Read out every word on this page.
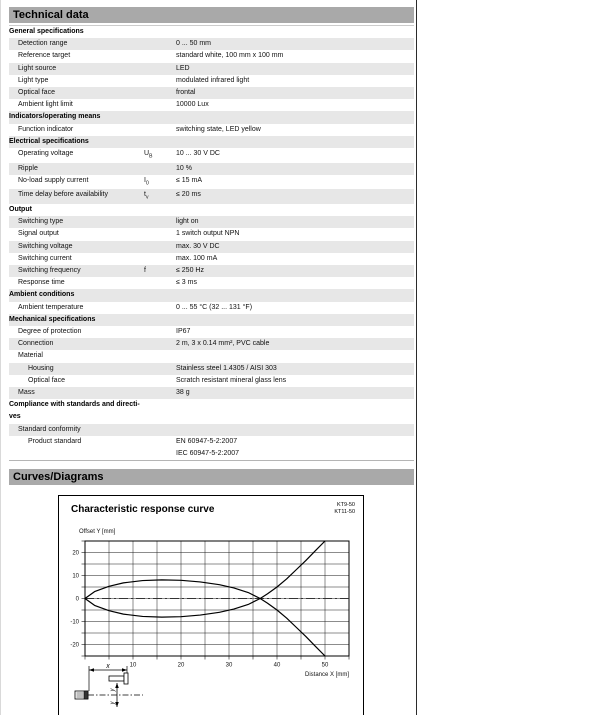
Technical data
General specifications
Detection range	0 ... 50 mm
Reference target	standard white, 100 mm x 100 mm
Light source	LED
Light type	modulated infrared light
Optical face	frontal
Ambient light limit	10000 Lux
Indicators/operating means
Function indicator	switching state, LED yellow
Electrical specifications
Operating voltage	$U_B$	10 ... 30 V DC
Ripple	10 %
No-load supply current	$I_0$	≤ 15 mA
Time delay before availability	$t_v$	≤ 20 ms
Output
Switching type	light on
Signal output	1 switch output NPN
Switching voltage	max. 30 V DC
Switching current	max. 100 mA
Switching frequency	f	≤ 250 Hz
Response time	≤ 3 ms
Ambient conditions
Ambient temperature	0 ... 55 °C (32 ... 131 °F)
Mechanical specifications
Degree of protection	IP67
Connection	2 m, 3 x 0.14 mm², PVC cable
Material
Housing	Stainless steel 1.4305 / AISI 303
Optical face	Scratch resistant mineral glass lens
Mass	38 g
Compliance with standards and directi-
ves
Standard conformity
Product standard	EN 60947-5-2:2007
IEC 60947-5-2:2007
Curves/Diagrams
Characteristic response curve	KT9-50
KT11-50
-20
-10
0
10
20
10	20	30	40	50
Offset Y [mm]
Distance X [mm]
x
y
y
